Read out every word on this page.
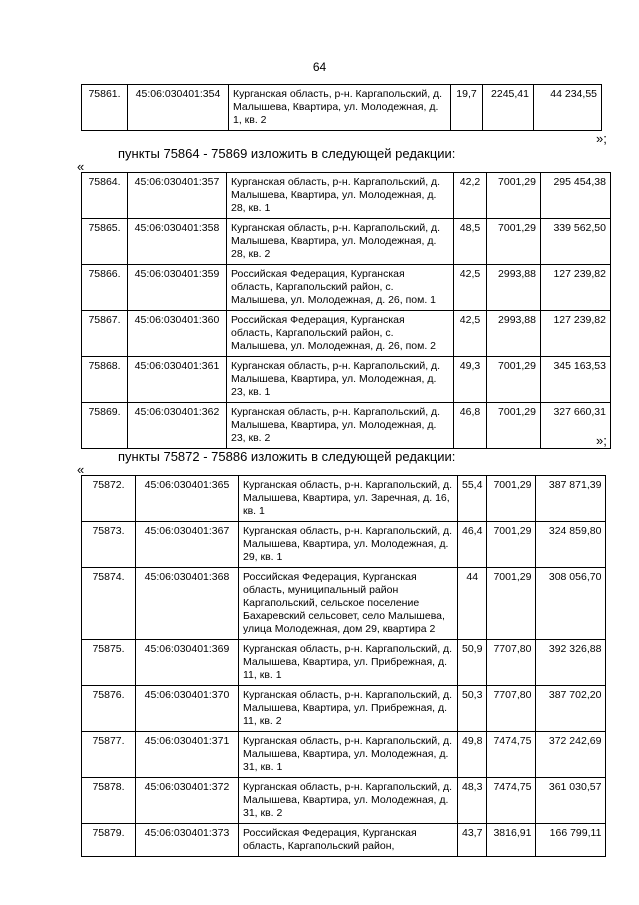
64
75861.	45:06:030401:354	Курганская область, р-н. Каргапольский, д. Малышева, Квартира, ул. Молодежная, д. 1, кв. 2	19,7	2245,41	44 234,55
»;
пункты 75864 - 75869 изложить в следующей редакции:
«
75864.	45:06:030401:357	Курганская область, р-н. Каргапольский, д. Малышева, Квартира, ул. Молодежная, д. 28, кв. 1	42,2	7001,29	295 454,38
75865.	45:06:030401:358	Курганская область, р-н. Каргапольский, д. Малышева, Квартира, ул. Молодежная, д. 28, кв. 2	48,5	7001,29	339 562,50
75866.	45:06:030401:359	Российская Федерация, Курганская область, Каргапольский район, с. Малышева, ул. Молодежная, д. 26, пом. 1	42,5	2993,88	127 239,82
75867.	45:06:030401:360	Российская Федерация, Курганская область, Каргапольский район, с. Малышева, ул. Молодежная, д. 26, пом. 2	42,5	2993,88	127 239,82
75868.	45:06:030401:361	Курганская область, р-н. Каргапольский, д. Малышева, Квартира, ул. Молодежная, д. 23, кв. 1	49,3	7001,29	345 163,53
75869.	45:06:030401:362	Курганская область, р-н. Каргапольский, д. Малышева, Квартира, ул. Молодежная, д. 23, кв. 2	46,8	7001,29	327 660,31
»;
пункты 75872 - 75886 изложить в следующей редакции:
«
75872.	45:06:030401:365	Курганская область, р-н. Каргапольский, д. Малышева, Квартира, ул. Заречная, д. 16, кв. 1	55,4	7001,29	387 871,39
75873.	45:06:030401:367	Курганская область, р-н. Каргапольский, д. Малышева, Квартира, ул. Молодежная, д. 29, кв. 1	46,4	7001,29	324 859,80
75874.	45:06:030401:368	Российская Федерация, Курганская область, муниципальный район Каргапольский, сельское поселение Бахаревский сельсовет, село Малышева, улица Молодежная, дом 29, квартира 2	44	7001,29	308 056,70
75875.	45:06:030401:369	Курганская область, р-н. Каргапольский, д. Малышева, Квартира, ул. Прибрежная, д. 11, кв. 1	50,9	7707,80	392 326,88
75876.	45:06:030401:370	Курганская область, р-н. Каргапольский, д. Малышева, Квартира, ул. Прибрежная, д. 11, кв. 2	50,3	7707,80	387 702,20
75877.	45:06:030401:371	Курганская область, р-н. Каргапольский, д. Малышева, Квартира, ул. Молодежная, д. 31, кв. 1	49,8	7474,75	372 242,69
75878.	45:06:030401:372	Курганская область, р-н. Каргапольский, д. Малышева, Квартира, ул. Молодежная, д. 31, кв. 2	48,3	7474,75	361 030,57
75879.	45:06:030401:373	Российская Федерация, Курганская область, Каргапольский район,	43,7	3816,91	166 799,11
